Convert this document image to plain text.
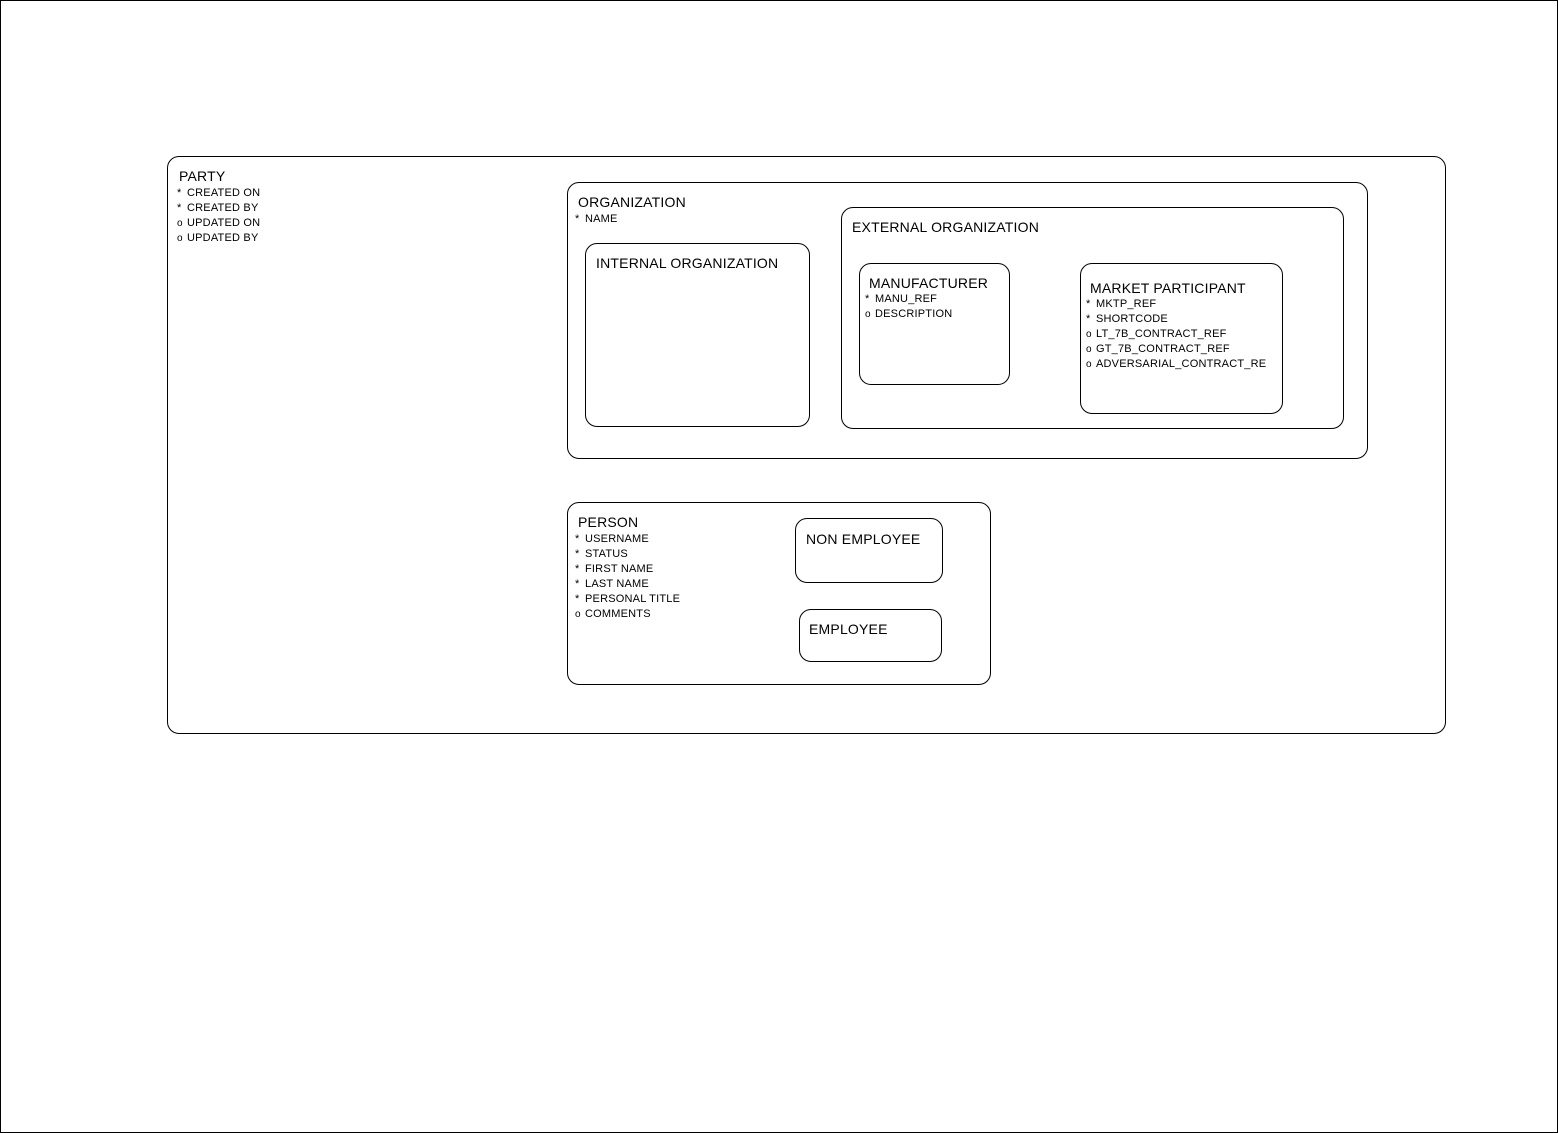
PARTY
* CREATED ON
* CREATED BY
o UPDATED ON
o UPDATED BY
ORGANIZATION
* NAME
INTERNAL ORGANIZATION
EXTERNAL ORGANIZATION
MANUFACTURER
* MANU_REF
o DESCRIPTION
MARKET PARTICIPANT
* MKTP_REF
* SHORTCODE
o LT_7B_CONTRACT_REF
o GT_7B_CONTRACT_REF
o ADVERSARIAL_CONTRACT_RE
PERSON
* USERNAME
* STATUS
* FIRST NAME
* LAST NAME
* PERSONAL TITLE
o COMMENTS
NON EMPLOYEE
EMPLOYEE
